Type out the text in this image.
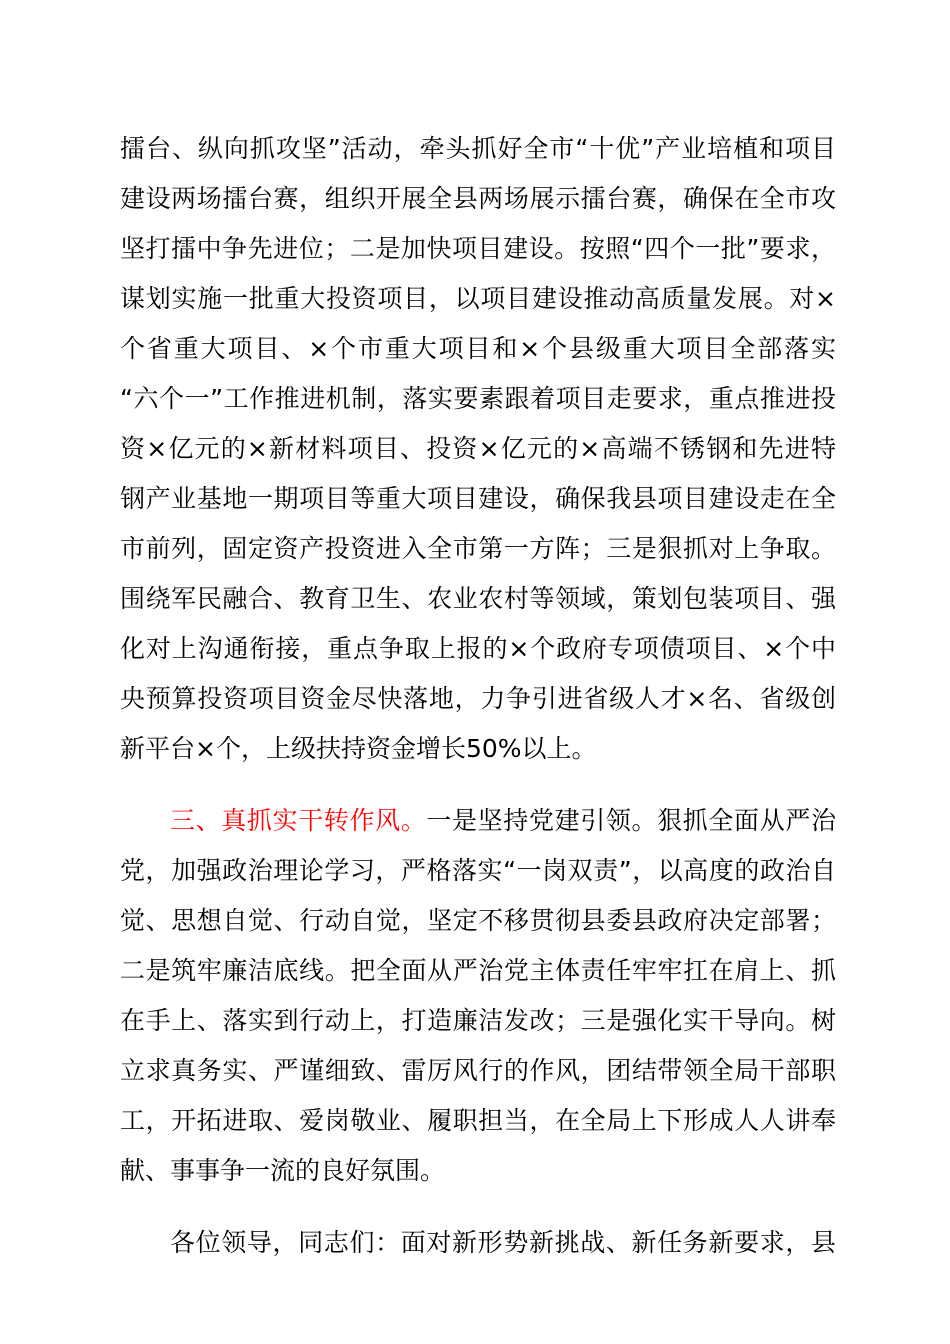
擂台、纵向抓攻坚”活动，牵头抓好全市“十优”产业培植和项目
建设两场擂台赛，组织开展全县两场展示擂台赛，确保在全市攻
坚打擂中争先进位；二是加快项目建设。按照“四个一批”要求，
谋划实施一批重大投资项目，以项目建设推动高质量发展。对×
个省重大项目、×个市重大项目和×个县级重大项目全部落实
“六个一”工作推进机制，落实要素跟着项目走要求，重点推进投
资×亿元的×新材料项目、投资×亿元的×高端不锈钢和先进特
钢产业基地一期项目等重大项目建设，确保我县项目建设走在全
市前列，固定资产投资进入全市第一方阵；三是狠抓对上争取。
围绕军民融合、教育卫生、农业农村等领域，策划包装项目、强
化对上沟通衔接，重点争取上报的×个政府专项债项目、×个中
央预算投资项目资金尽快落地，力争引进省级人才×名、省级创
新平台×个，上级扶持资金增长50%以上。
三、真抓实干转作风。一是坚持党建引领。狠抓全面从严治
党，加强政治理论学习，严格落实“一岗双责”，以高度的政治自
觉、思想自觉、行动自觉，坚定不移贯彻县委县政府决定部署；
二是筑牢廉洁底线。把全面从严治党主体责任牢牢扛在肩上、抓
在手上、落实到行动上，打造廉洁发改；三是强化实干导向。树
立求真务实、严谨细致、雷厉风行的作风，团结带领全局干部职
工，开拓进取、爱岗敬业、履职担当，在全局上下形成人人讲奉
献、事事争一流的良好氛围。
各位领导，同志们：面对新形势新挑战、新任务新要求，县
